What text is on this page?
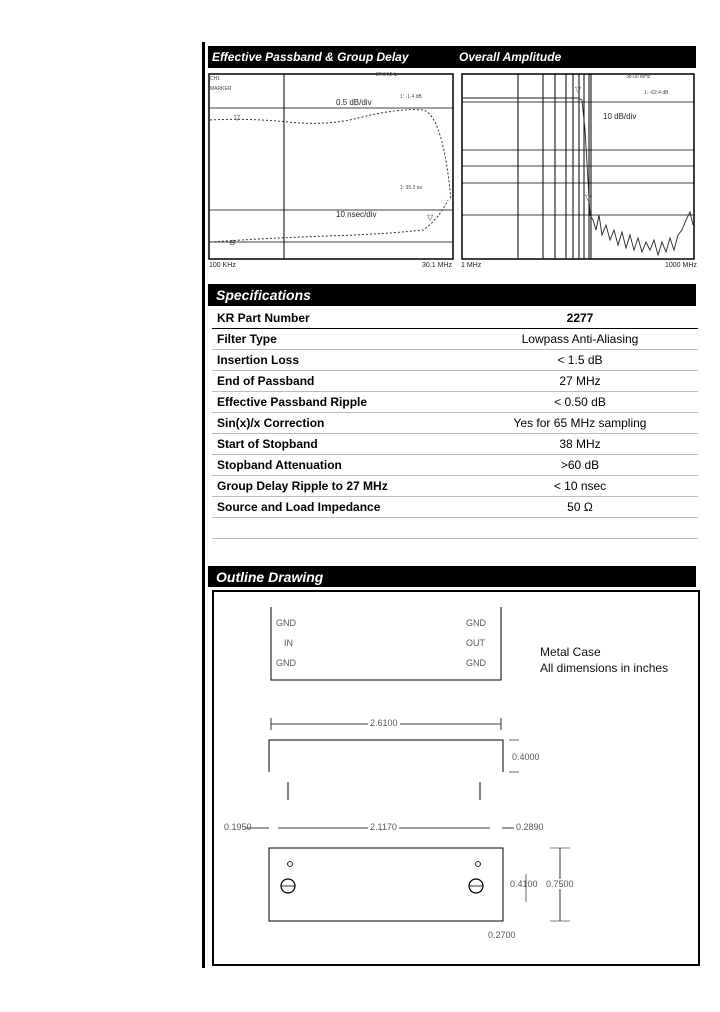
Effective Passband & Group Delay	Overall Amplitude
▽
⊖
▽
CH1
MARKER
27.0 MHz
1: -1.4 dB
1: 35.3 ns
0.5 dB/div
10 nsec/div
100 KHz	30.1 MHz
▽
▽
38.00 MHz
1: -62.4 dB
10 dB/div
1 MHz	1000 MHz
Specifications
KR Part Number	2277
Filter Type	Lowpass Anti-Aliasing
Insertion Loss	< 1.5 dB
End of Passband	27 MHz
Effective Passband Ripple	< 0.50 dB
Sin(x)/x Correction	Yes for 65 MHz sampling
Start of Stopband	38 MHz
Stopband Attenuation	>60 dB
Group Delay Ripple to 27 MHz	< 10 nsec
Source and Load Impedance	50 Ω
Outline Drawing
GND
IN
GND
GND
OUT
GND
Metal Case
All dimensions in inches
2.6100
0.4000
2.1170
0.1950	0.2890
0.4100 0.7500
0.2700
